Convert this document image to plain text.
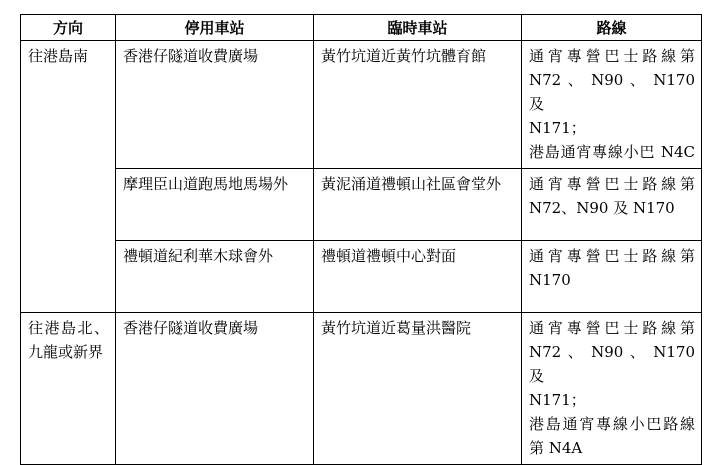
方向	停用車站	臨時車站	路線
往港島南	香港仔隧道收費廣場	黃竹坑道近黃竹坑體育館	通宵專營巴士路線第
N72 、 N90 、 N170 及
N171；
港島通宵專線小巴 N4C

	摩理臣山道跑馬地馬場外	黃泥涌道禮頓山社區會堂外	通宵專營巴士路線第
N72、N90 及 N170

	禮頓道紀利華木球會外	禮頓道禮頓中心對面	通宵專營巴士路線第
N170

往港島北、九龍或新界	香港仔隧道收費廣場	黃竹坑道近葛量洪醫院	通宵專營巴士路線第
N72 、 N90 、 N170 及
N171；
港島通宵專線小巴路線
第 N4A
